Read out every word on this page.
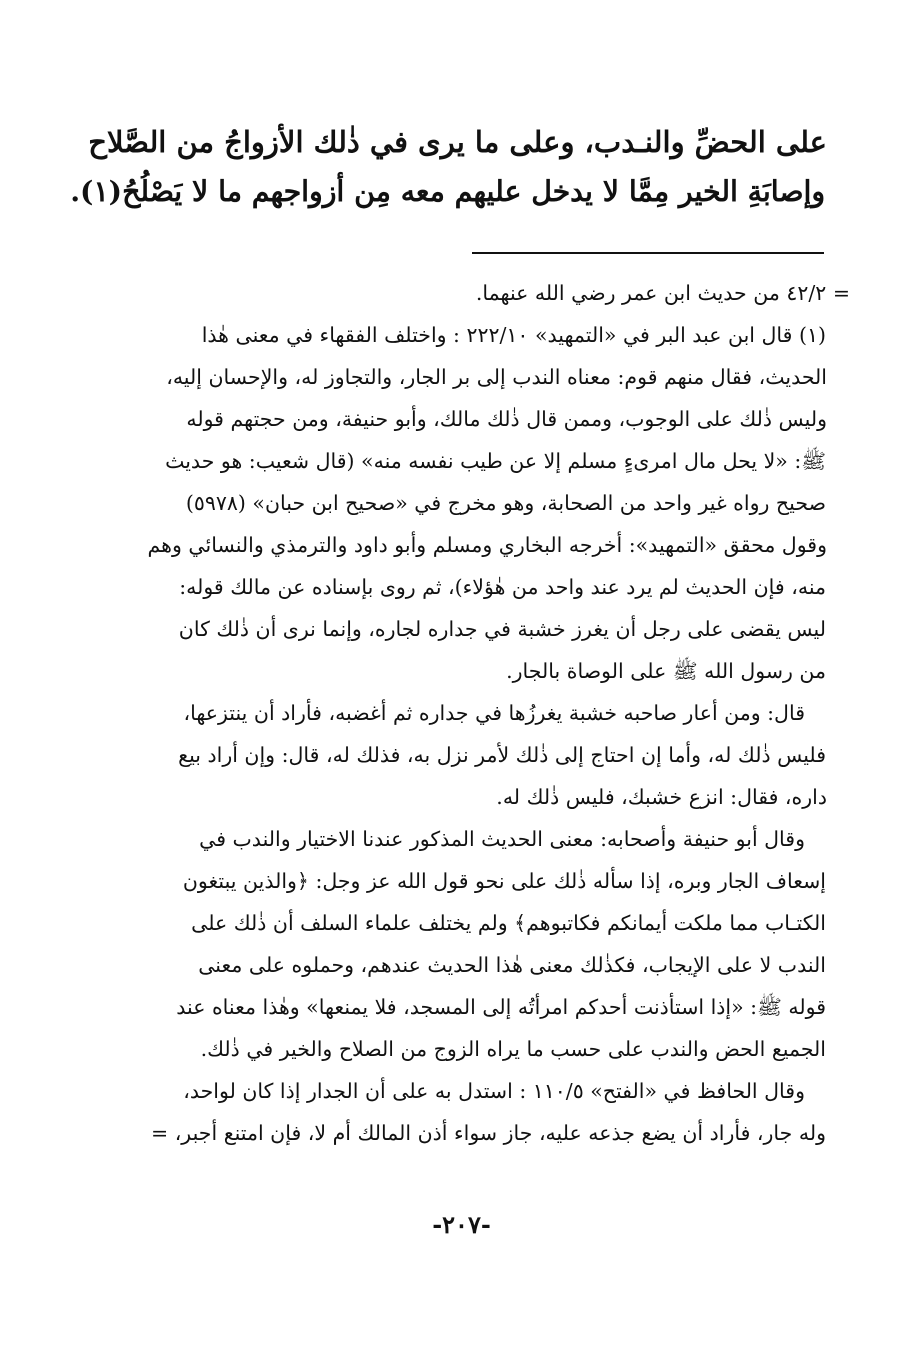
على الحضِّ والنـدب، وعلى ما يرى في ذٰلك الأزواجُ من الصَّلاح
وإصابَةِ الخير مِمَّا لا يدخل عليهم معه مِن أزواجهم ما لا يَصْلُحُ(١).
= ٤٢/٢ من حديث ابن عمر رضي الله عنهما.
(١) قال ابن عبد البر في «التمهيد» ٢٢٢/١٠ : واختلف الفقهاء في معنى هٰذا
الحديث، فقال منهم قوم: معناه الندب إلى بر الجار، والتجاوز له، والإحسان إليه،
وليس ذٰلك على الوجوب، وممن قال ذٰلك مالك، وأبو حنيفة، ومن حجتهم قوله
ﷺ: «لا يحل مال امرىءٍ مسلم إلا عن طيب نفسه منه» (قال شعيب: هو حديث
صحيح رواه غير واحد من الصحابة، وهو مخرج في «صحيح ابن حبان» (٥٩٧٨)
وقول محقق «التمهيد»: أخرجه البخاري ومسلم وأبو داود والترمذي والنسائي وهم
منه، فإن الحديث لم يرد عند واحد من هٰؤلاء)، ثم روى بإسناده عن مالك قوله:
ليس يقضى على رجل أن يغرز خشبة في جداره لجاره، وإنما نرى أن ذٰلك كان
من رسول الله ﷺ على الوصاة بالجار.
قال: ومن أعار صاحبه خشبة يغرزُها في جداره ثم أغضبه، فأراد أن ينتزعها،
فليس ذٰلك له، وأما إن احتاج إلى ذٰلك لأمر نزل به، فذلك له، قال: وإن أراد بيع
داره، فقال: انزع خشبك، فليس ذٰلك له.
وقال أبو حنيفة وأصحابه: معنى الحديث المذكور عندنا الاختيار والندب في
إسعاف الجار وبره، إذا سأله ذٰلك على نحو قول الله عز وجل: ﴿والذين يبتغون
الكتـاب مما ملكت أيمانكم فكاتبوهم﴾ ولم يختلف علماء السلف أن ذٰلك على
الندب لا على الإيجاب، فكذٰلك معنى هٰذا الحديث عندهم، وحملوه على معنى
قوله ﷺ: «إذا استأذنت أحدكم امرأتُه إلى المسجد، فلا يمنعها» وهٰذا معناه عند
الجميع الحض والندب على حسب ما يراه الزوج من الصلاح والخير في ذٰلك.
وقال الحافظ في «الفتح» ١١٠/٥ : استدل به على أن الجدار إذا كان لواحد،
وله جار، فأراد أن يضع جذعه عليه، جاز سواء أذن المالك أم لا، فإن امتنع أجبر، =
-٢٠٧-
